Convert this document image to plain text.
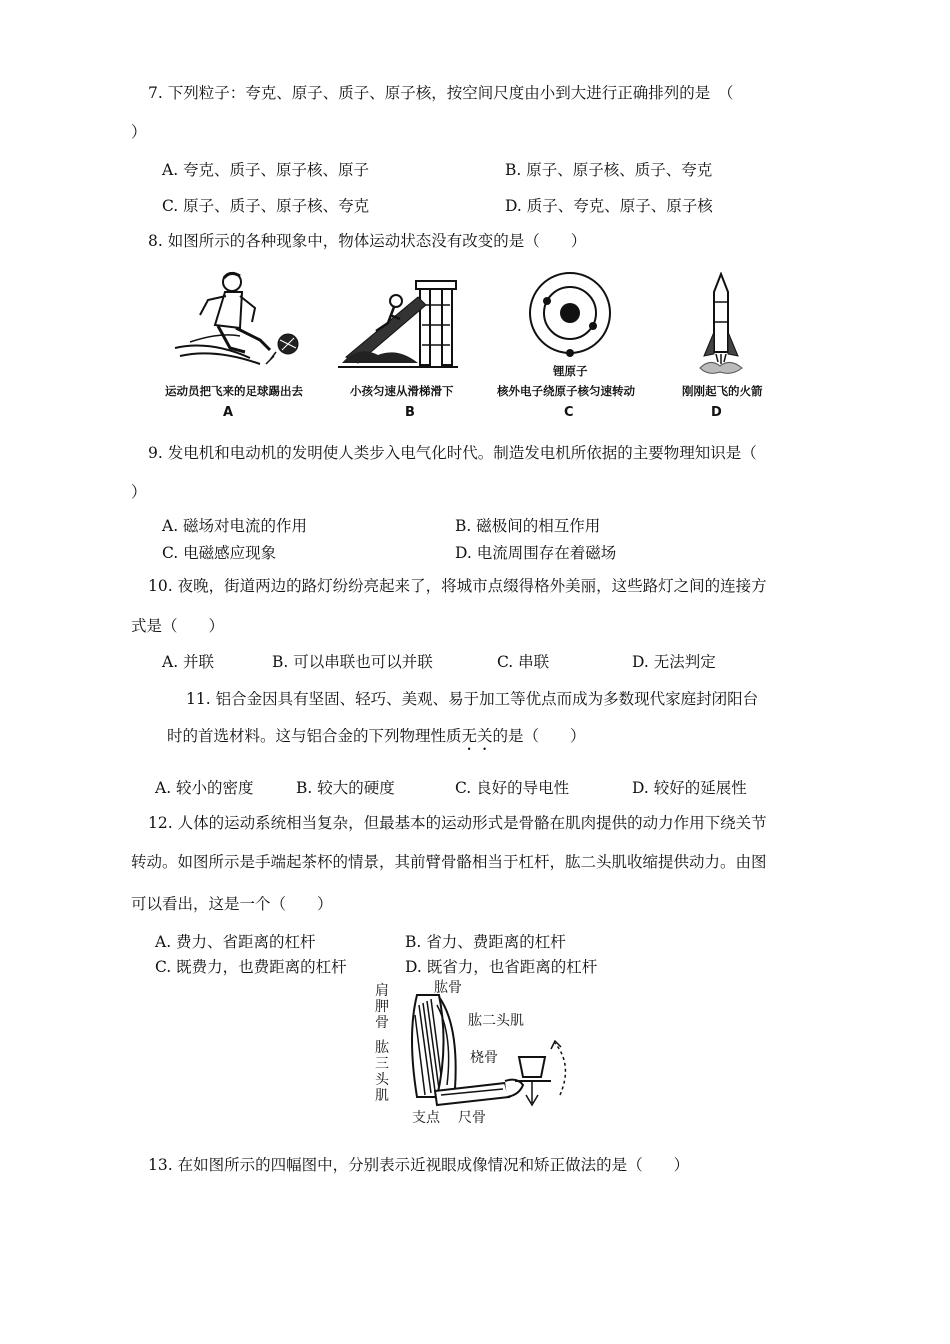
7. 下列粒子：夸克、原子、质子、原子核，按空间尺度由小到大进行正确排列的是　（
）
A. 夸克、质子、原子核、原子	B. 原子、原子核、质子、夸克
C. 原子、质子、原子核、夸克	D. 质子、夸克、原子、原子核
8. 如图所示的各种现象中，物体运动状态没有改变的是（　　）
锂原子
运动员把飞来的足球踢出去	小孩匀速从滑梯滑下	核外电子绕原子核匀速转动	刚刚起飞的火箭
A	B	C	D
9. 发电机和电动机的发明使人类步入电气化时代。制造发电机所依据的主要物理知识是（
）
A. 磁场对电流的作用	B. 磁极间的相互作用
C. 电磁感应现象	D. 电流周围存在着磁场
10. 夜晚，街道两边的路灯纷纷亮起来了，将城市点缀得格外美丽，这些路灯之间的连接方
式是（　　）
A. 并联	B. 可以串联也可以并联	C. 串联	D. 无法判定
11. 铝合金因具有坚固、轻巧、美观、易于加工等优点而成为多数现代家庭封闭阳台
时的首选材料。这与铝合金的下列物理性质无关的是（　　）
A. 较小的密度	B. 较大的硬度	C. 良好的导电性	D. 较好的延展性
12. 人体的运动系统相当复杂，但最基本的运动形式是骨骼在肌肉提供的动力作用下绕关节
转动。如图所示是手端起茶杯的情景，其前臂骨骼相当于杠杆，肱二头肌收缩提供动力。由图
可以看出，这是一个（　　）
A. 费力、省距离的杠杆	B. 省力、费距离的杠杆
C. 既费力，也费距离的杠杆	D. 既省力，也省距离的杠杆
肩胛骨
肱骨
肱二头肌
肱三头肌
桡骨
支点 尺骨
13. 在如图所示的四幅图中，分别表示近视眼成像情况和矫正做法的是（　　）
